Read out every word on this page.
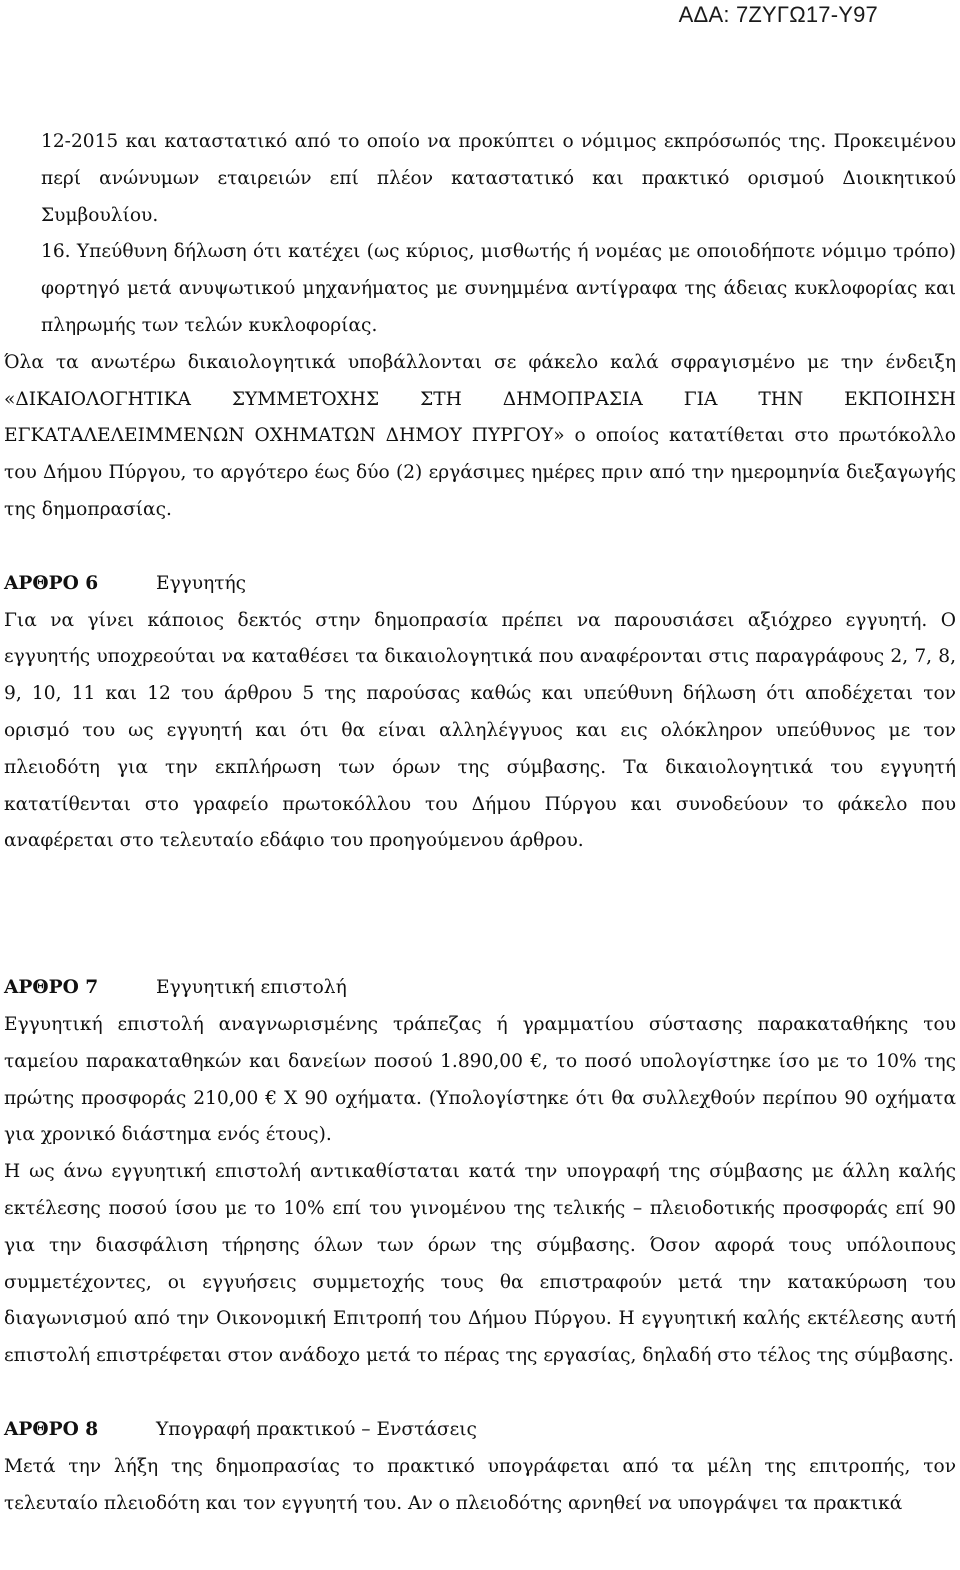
ΑΔΑ: 7ΖΥΓΩ17-Υ97

12-2015 και καταστατικό από το οποίο να προκύπτει ο νόμιμος εκπρόσωπός της. Προκειμένου περί ανώνυμων εταιρειών επί πλέον καταστατικό και πρακτικό ορισμού Διοικητικού Συμβουλίου.

16. Υπεύθυνη δήλωση ότι κατέχει (ως κύριος, μισθωτής ή νομέας με οποιοδήποτε νόμιμο τρόπο) φορτηγό μετά ανυψωτικού μηχανήματος με συνημμένα αντίγραφα της άδειας κυκλοφορίας και πληρωμής των τελών κυκλοφορίας.

Όλα τα ανωτέρω δικαιολογητικά υποβάλλονται σε φάκελο καλά σφραγισμένο με την ένδειξη «ΔΙΚΑΙΟΛΟΓΗΤΙΚΑ ΣΥΜΜΕΤΟΧΗΣ ΣΤΗ ΔΗΜΟΠΡΑΣΙΑ ΓΙΑ ΤΗΝ ΕΚΠΟΙΗΣΗ ΕΓΚΑΤΑΛΕΛΕΙΜΜΕΝΩΝ ΟΧΗΜΑΤΩΝ ΔΗΜΟΥ ΠΥΡΓΟΥ» ο οποίος κατατίθεται στο πρωτόκολλο του Δήμου Πύργου, το αργότερο έως δύο (2) εργάσιμες ημέρες πριν από την ημερομηνία διεξαγωγής της δημοπρασίας.

ΑΡΘΡΟ 6	Εγγυητής

Για να γίνει κάποιος δεκτός στην δημοπρασία πρέπει να παρουσιάσει αξιόχρεο εγγυητή. Ο εγγυητής υποχρεούται να καταθέσει τα δικαιολογητικά που αναφέρονται στις παραγράφους 2, 7, 8, 9, 10, 11 και 12 του άρθρου 5 της παρούσας καθώς και υπεύθυνη δήλωση ότι αποδέχεται τον ορισμό του ως εγγυητή και ότι θα είναι αλληλέγγυος και εις ολόκληρον υπεύθυνος με τον πλειοδότη για την εκπλήρωση των όρων της σύμβασης. Τα δικαιολογητικά του εγγυητή κατατίθενται στο γραφείο πρωτοκόλλου του Δήμου Πύργου και συνοδεύουν το φάκελο που αναφέρεται στο τελευταίο εδάφιο του προηγούμενου άρθρου.

ΑΡΘΡΟ 7	Εγγυητική επιστολή

Εγγυητική επιστολή αναγνωρισμένης τράπεζας ή γραμματίου σύστασης παρακαταθήκης του ταμείου παρακαταθηκών και δανείων ποσού 1.890,00 €, το ποσό υπολογίστηκε ίσο με το 10% της πρώτης προσφοράς 210,00 € Χ 90 οχήματα. (Υπολογίστηκε ότι θα συλλεχθούν περίπου 90 οχήματα για χρονικό διάστημα ενός έτους).

Η ως άνω εγγυητική επιστολή αντικαθίσταται κατά την υπογραφή της σύμβασης με άλλη καλής εκτέλεσης ποσού ίσου με το 10% επί του γινομένου της τελικής – πλειοδοτικής προσφοράς επί 90 για την διασφάλιση τήρησης όλων των όρων της σύμβασης. Όσον αφορά τους υπόλοιπους συμμετέχοντες, οι εγγυήσεις συμμετοχής τους θα επιστραφούν μετά την κατακύρωση του διαγωνισμού από την Οικονομική Επιτροπή του Δήμου Πύργου. Η εγγυητική καλής εκτέλεσης αυτή επιστολή επιστρέφεται στον ανάδοχο μετά το πέρας της εργασίας, δηλαδή στο τέλος της σύμβασης.

ΑΡΘΡΟ 8	Υπογραφή πρακτικού – Ενστάσεις

Μετά την λήξη της δημοπρασίας το πρακτικό υπογράφεται από τα μέλη της επιτροπής, τον τελευταίο πλειοδότη και τον εγγυητή του. Αν ο πλειοδότης αρνηθεί να υπογράψει τα πρακτικά
